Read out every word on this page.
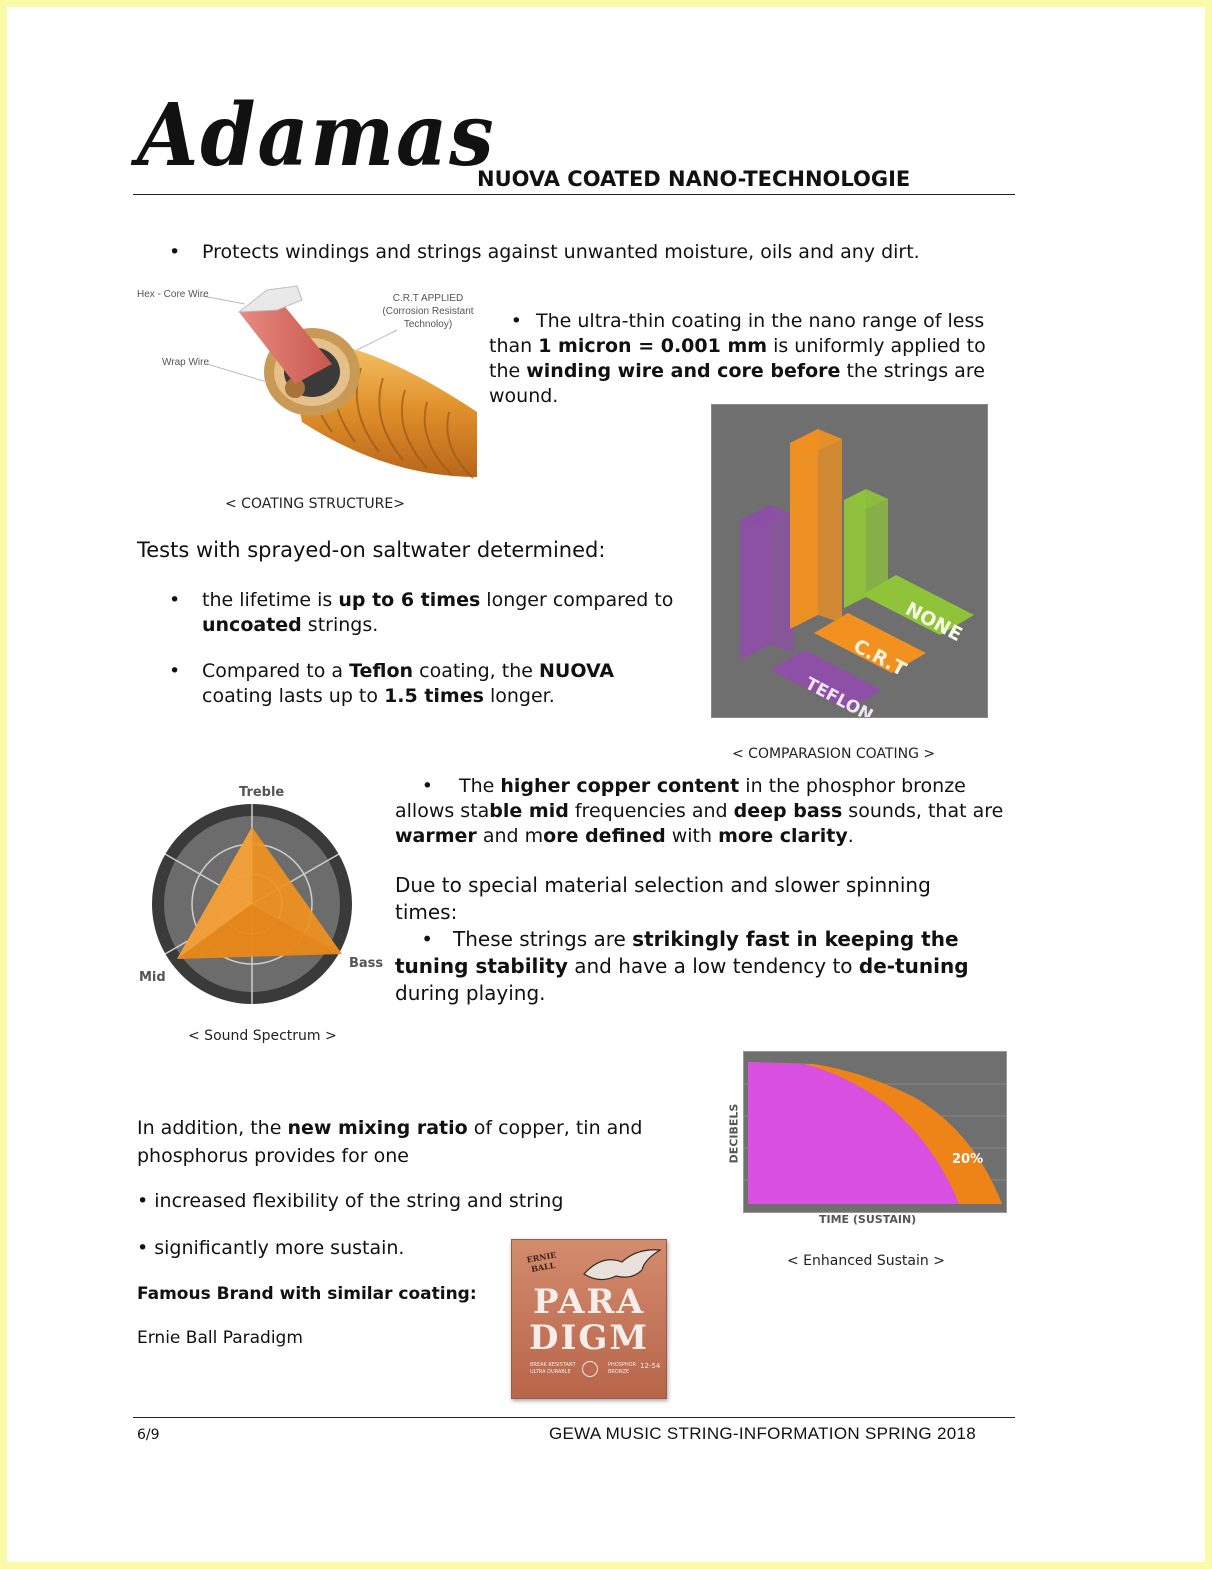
Adamas
NUOVA COATED NANO-TECHNOLOGIE
• Protects windings and strings against unwanted moisture, oils and any dirt.
Hex - Core Wire
Wrap Wire
C.R.T APPLIED
(Corrosion Resistant
Technoloy)
< COATING STRUCTURE>
• The ultra-thin coating in the nano range of less than 1 micron = 0.001 mm is uniformly applied to the winding wire and core before the strings are wound.
TEFLON
C.R.T
NONE
< COMPARASION COATING >
Tests with sprayed-on saltwater determined:
• the lifetime is up to 6 times longer compared to uncoated strings.
• Compared to a Teflon coating, the NUOVA coating lasts up to 1.5 times longer.
Treble
Mid
Bass
< Sound Spectrum >
• The higher copper content in the phosphor bronze allows stable mid frequencies and deep bass sounds, that are warmer and more defined with more clarity.
Due to special material selection and slower spinning times:
• These strings are strikingly fast in keeping the tuning stability and have a low tendency to de-tuning during playing.
20%
DECIBELS
TIME (SUSTAIN)
< Enhanced Sustain >
In addition, the new mixing ratio of copper, tin and phosphorus provides for one
• increased flexibility of the string and string
• significantly more sustain.
Famous Brand with similar coating:
Ernie Ball Paradigm
ERNIE BALL
PARA
DIGM
BREAK RESISTANT
ULTRA DURABLE
PHOSPHOR
BRONZE
12-54
6/9	GEWA MUSIC STRING-INFORMATION SPRING 2018
